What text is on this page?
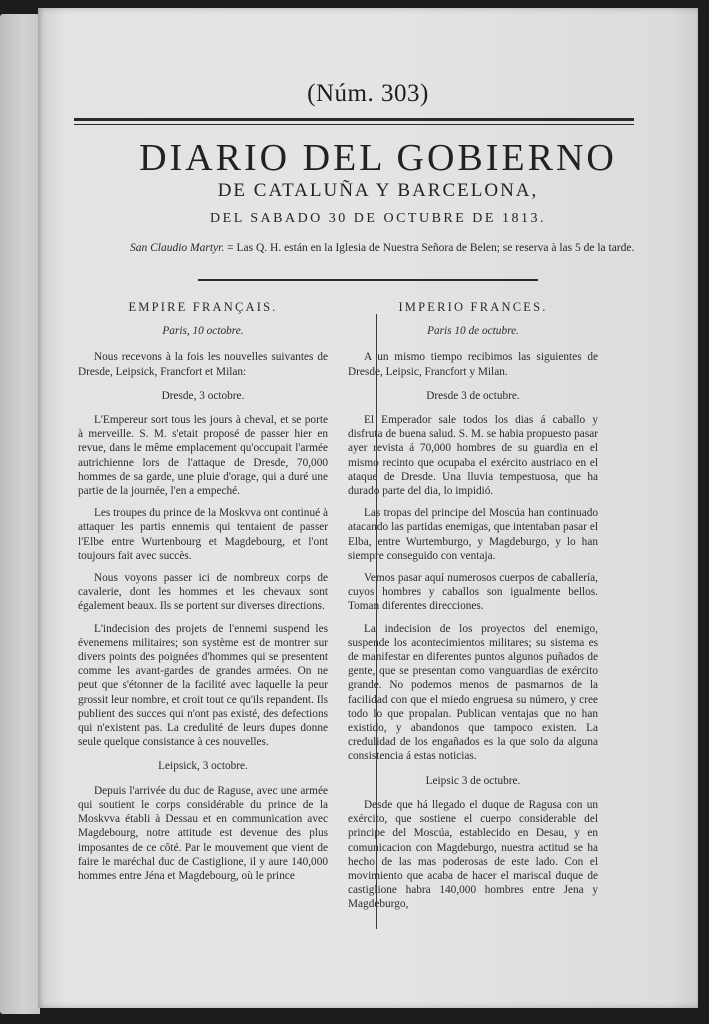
(Núm. 303)
DIARIO DEL GOBIERNO
DE CATALUÑA Y BARCELONA,
DEL SABADO 30 DE OCTUBRE DE 1813.
San Claudio Martyr. = Las Q. H. están en la Iglesia de Nuestra Señora de Belen; se reserva à las 5 de la tarde.
EMPIRE FRANÇAIS.
Paris, 10 octobre.

Nous recevons à la fois les nouvelles suivantes de Dresde, Leipsick, Francfort et Milan:

Dresde, 3 octobre.

L'Empereur sort tous les jours à cheval, et se porte à merveille. S. M. s'etait proposé de passer hier en revue, dans le même emplacement qu'occupait l'armée autrichienne lors de l'attaque de Dresde, 70,000 hommes de sa garde, une pluie d'orage, qui a duré une partie de la journée, l'en a empeché.

Les troupes du prince de la Moskvva ont continué à attaquer les partis ennemis qui tentaient de passer l'Elbe entre Wurtenbourg et Magdebourg, et l'ont toujours fait avec succès.

Nous voyons passer ici de nombreux corps de cavalerie, dont les hommes et les chevaux sont également beaux. Ils se portent sur diverses directions.

L'indecision des projets de l'ennemi suspend les évenemens militaires; son système est de montrer sur divers points des poignées d'hommes qui se presentent comme les avant-gardes de grandes armées. On ne peut que s'étonner de la facilité avec laquelle la peur grossit leur nombre, et croit tout ce qu'ils repandent. Ils publient des succes qui n'ont pas existé, des defections qui n'existent pas. La credulité de leurs dupes donne seule quelque consistance à ces nouvelles.

Leipsick, 3 octobre.

Depuis l'arrivée du duc de Raguse, avec une armée qui soutient le corps considérable du prince de la Moskvva établi à Dessau et en communication avec Magdebourg, notre attitude est devenue des plus imposantes de ce côté. Par le mouvement que vient de faire le maréchal duc de Castiglione, il y aure 140,000 hommes entre Jéna et Magdebourg, où le prince

IMPERIO FRANCES.
Paris 10 de octubre.

A un mismo tiempo recibimos las siguientes de Dresde, Leipsic, Francfort y Milan.

Dresde 3 de octubre.

El Emperador sale todos los dias á caballo y disfruta de buena salud. S. M. se habia propuesto pasar ayer revista á 70,000 hombres de su guardia en el mismo recinto que ocupaba el exército austriaco en el ataque de Dresde. Una lluvia tempestuosa, que ha durado parte del dia, lo impidió.

Las tropas del principe del Moscúa han continuado atacando las partidas enemigas, que intentaban pasar el Elba, entre Wurtemburgo, y Magdeburgo, y lo han siempre conseguido con ventaja.

Vemos pasar aquí numerosos cuerpos de caballería, cuyos hombres y caballos son igualmente bellos. Toman diferentes direcciones.

La indecision de los proyectos del enemigo, suspende los acontecimientos militares; su sistema es de manifestar en diferentes puntos algunos puñados de gente, que se presentan como vanguardias de exército grande. No podemos menos de pasmarnos de la facilidad con que el miedo engruesa su número, y cree todo lo que propalan. Publican ventajas que no han existido, y abandonos que tampoco existen. La credulidad de los engañados es la que solo da alguna consistencia á estas noticias.

Leipsic 3 de octubre.

Desde que há llegado el duque de Ragusa con un exército, que sostiene el cuerpo considerable del principe del Moscúa, establecido en Desau, y en comunicacion con Magdeburgo, nuestra actitud se ha hecho de las mas poderosas de este lado. Con el movimiento que acaba de hacer el mariscal duque de castiglione habra 140,000 hombres entre Jena y Magdeburgo,
